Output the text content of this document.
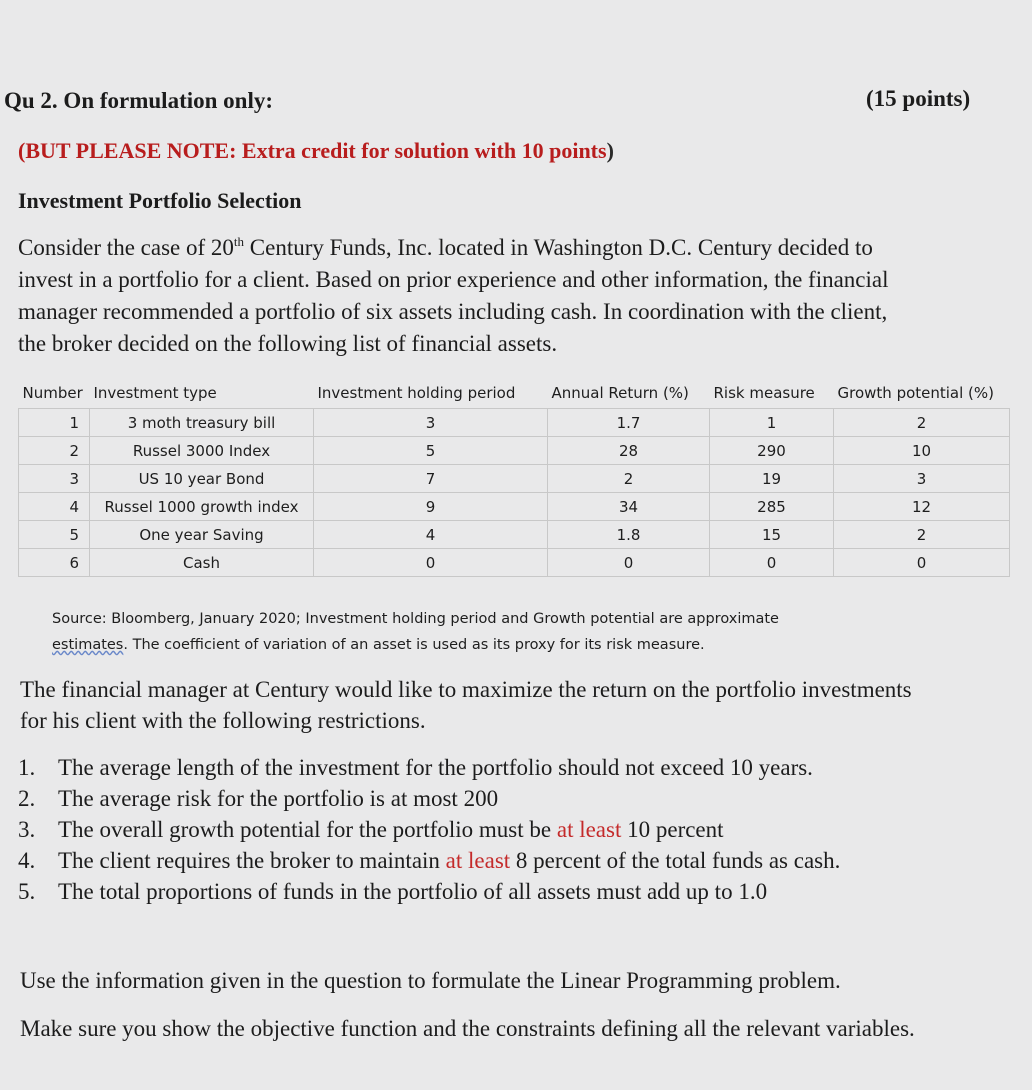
Qu 2. On formulation only:	(15 points)
(BUT PLEASE NOTE: Extra credit for solution with 10 points)
Investment Portfolio Selection
Consider the case of 20th Century Funds, Inc. located in Washington D.C. Century decided to
invest in a portfolio for a client. Based on prior experience and other information, the financial
manager recommended a portfolio of six assets including cash. In coordination with the client,
the broker decided on the following list of financial assets.
Number	Investment type	Investment holding period	Annual Return (%)	Risk measure	Growth potential (%)
1	3 moth treasury bill	3	1.7	1	2
2	Russel 3000 Index	5	28	290	10
3	US 10 year Bond	7	2	19	3
4	Russel 1000 growth index	9	34	285	12
5	One year Saving	4	1.8	15	2
6	Cash	0	0	0	0

Source: Bloomberg, January 2020; Investment holding period and Growth potential are approximate
estimates. The coefficient of variation of an asset is used as its proxy for its risk measure.
The financial manager at Century would like to maximize the return on the portfolio investments
for his client with the following restrictions.
1. The average length of the investment for the portfolio should not exceed 10 years.
2. The average risk for the portfolio is at most 200
3. The overall growth potential for the portfolio must be at least 10 percent
4. The client requires the broker to maintain at least 8 percent of the total funds as cash.
5. The total proportions of funds in the portfolio of all assets must add up to 1.0
Use the information given in the question to formulate the Linear Programming problem.
Make sure you show the objective function and the constraints defining all the relevant variables.
